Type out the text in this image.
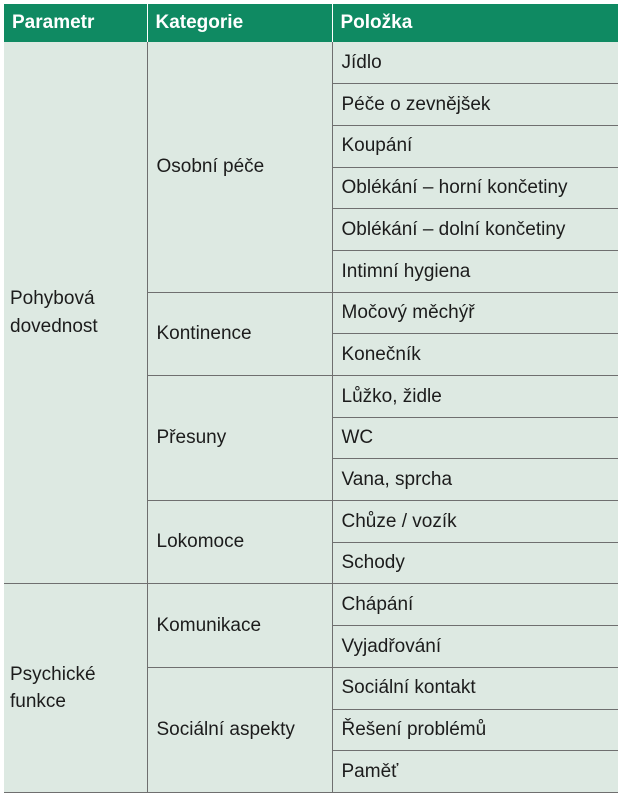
Parametr	Kategorie	Položka
Pohybová dovednost	Osobní péče	Jídlo
		Péče o zevnějšek
		Koupání
		Oblékání – horní končetiny
		Oblékání – dolní končetiny
		Intimní hygiena
	Kontinence	Močový měchýř
		Konečník
	Přesuny	Lůžko, židle
		WC
		Vana, sprcha
	Lokomoce	Chůze / vozík
		Schody
Psychické funkce	Komunikace	Chápání
		Vyjadřování
	Sociální aspekty	Sociální kontakt
		Řešení problémů
		Paměť
